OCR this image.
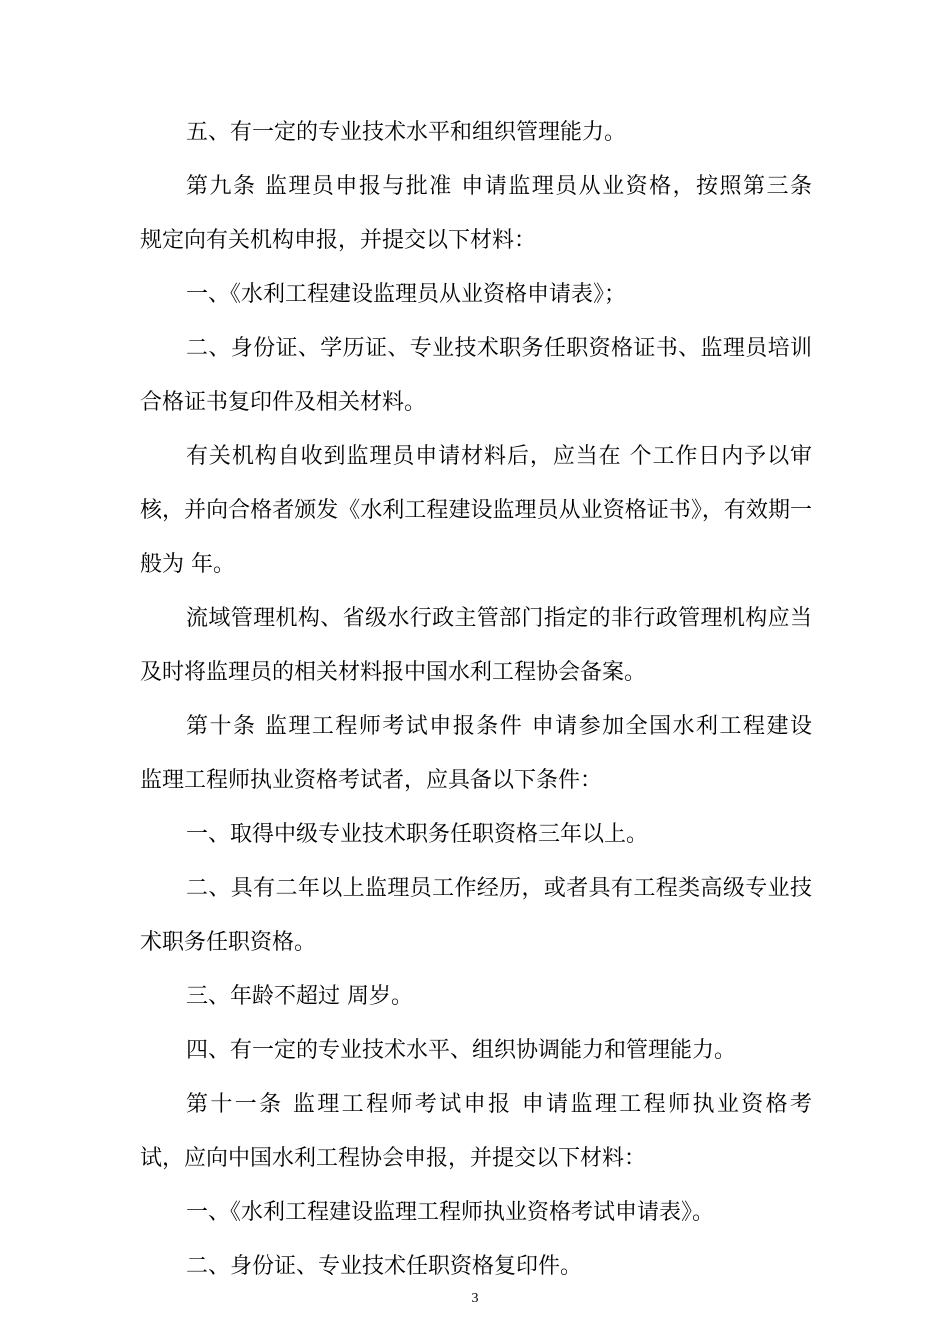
五、有一定的专业技术水平和组织管理能力。
第九条 监理员申报与批准 申请监理员从业资格，按照第三条
规定向有关机构申报，并提交以下材料：
一、《水利工程建设监理员从业资格申请表》；
二、身份证、学历证、专业技术职务任职资格证书、监理员培训
合格证书复印件及相关材料。
有关机构自收到监理员申请材料后，应当在 个工作日内予以审
核，并向合格者颁发《水利工程建设监理员从业资格证书》，有效期一
般为 年。
流域管理机构、省级水行政主管部门指定的非行政管理机构应当
及时将监理员的相关材料报中国水利工程协会备案。
第十条 监理工程师考试申报条件 申请参加全国水利工程建设
监理工程师执业资格考试者，应具备以下条件：
一、取得中级专业技术职务任职资格三年以上。
二、具有二年以上监理员工作经历，或者具有工程类高级专业技
术职务任职资格。
三、年龄不超过 周岁。
四、有一定的专业技术水平、组织协调能力和管理能力。
第十一条 监理工程师考试申报 申请监理工程师执业资格考
试，应向中国水利工程协会申报，并提交以下材料：
一、《水利工程建设监理工程师执业资格考试申请表》。
二、身份证、专业技术任职资格复印件。
3
